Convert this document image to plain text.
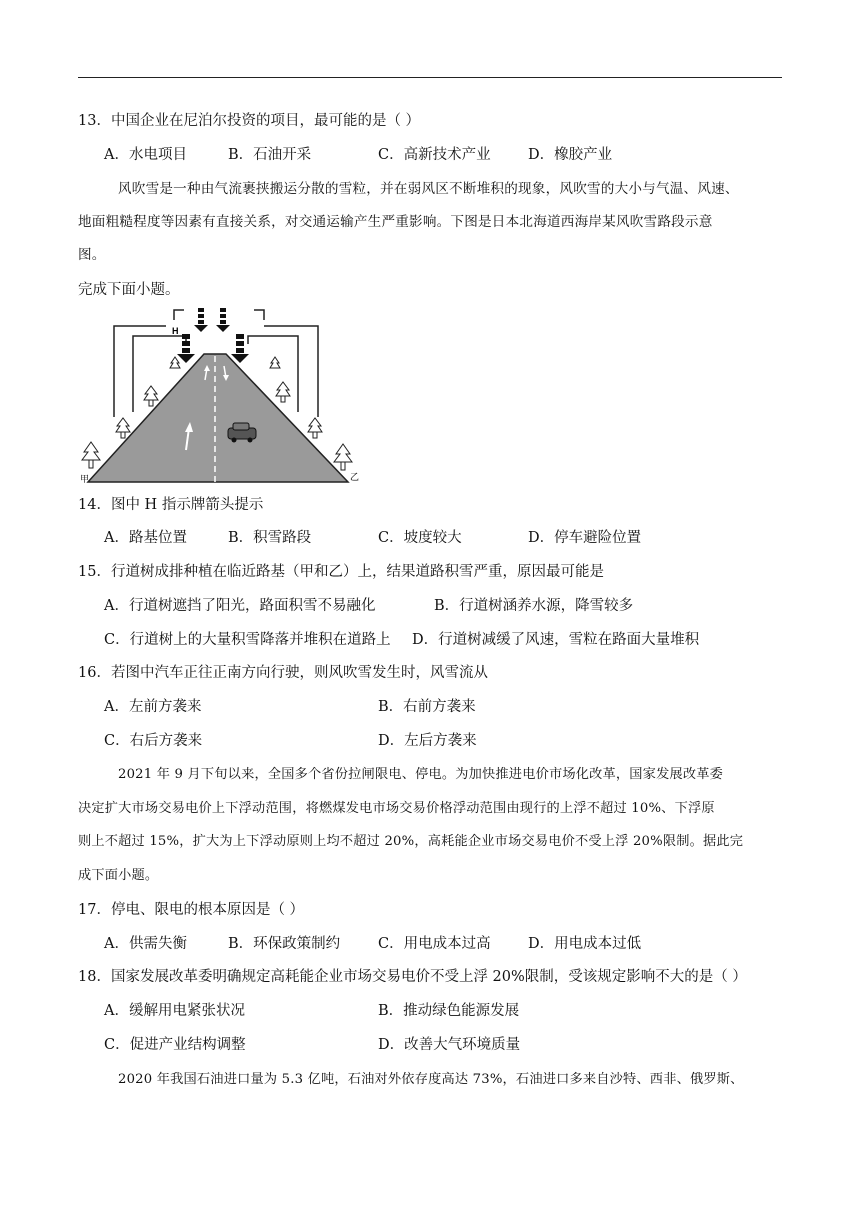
13．中国企业在尼泊尔投资的项目，最可能的是（ ）
A．水电项目	B．石油开采	C．高新技术产业	D．橡胶产业
风吹雪是一种由气流裹挟搬运分散的雪粒，并在弱风区不断堆积的现象，风吹雪的大小与气温、风速、
地面粗糙程度等因素有直接关系，对交通运输产生严重影响。下图是日本北海道西海岸某风吹雪路段示意
图。
完成下面小题。
H
甲	乙
14．图中 H 指示牌箭头提示
A．路基位置	B．积雪路段	C．坡度较大	D．停车避险位置
15．行道树成排种植在临近路基（甲和乙）上，结果道路积雪严重，原因最可能是
A．行道树遮挡了阳光，路面积雪不易融化	B．行道树涵养水源，降雪较多
C．行道树上的大量积雪降落并堆积在道路上 D．行道树减缓了风速，雪粒在路面大量堆积
16．若图中汽车正往正南方向行驶，则风吹雪发生时，风雪流从
A．左前方袭来	B．右前方袭来
C．右后方袭来	D．左后方袭来
2021 年 9 月下旬以来，全国多个省份拉闸限电、停电。为加快推进电价市场化改革，国家发展改革委
决定扩大市场交易电价上下浮动范围，将燃煤发电市场交易价格浮动范围由现行的上浮不超过 10%、下浮原
则上不超过 15%，扩大为上下浮动原则上均不超过 20%，高耗能企业市场交易电价不受上浮 20%限制。据此完
成下面小题。
17．停电、限电的根本原因是（ ）
A．供需失衡	B．环保政策制约	C．用电成本过高	D．用电成本过低
18．国家发展改革委明确规定高耗能企业市场交易电价不受上浮 20%限制，受该规定影响不大的是（ ）
A．缓解用电紧张状况	B．推动绿色能源发展
C．促进产业结构调整	D．改善大气环境质量
2020 年我国石油进口量为 5.3 亿吨，石油对外依存度高达 73%，石油进口多来自沙特、西非、俄罗斯、
